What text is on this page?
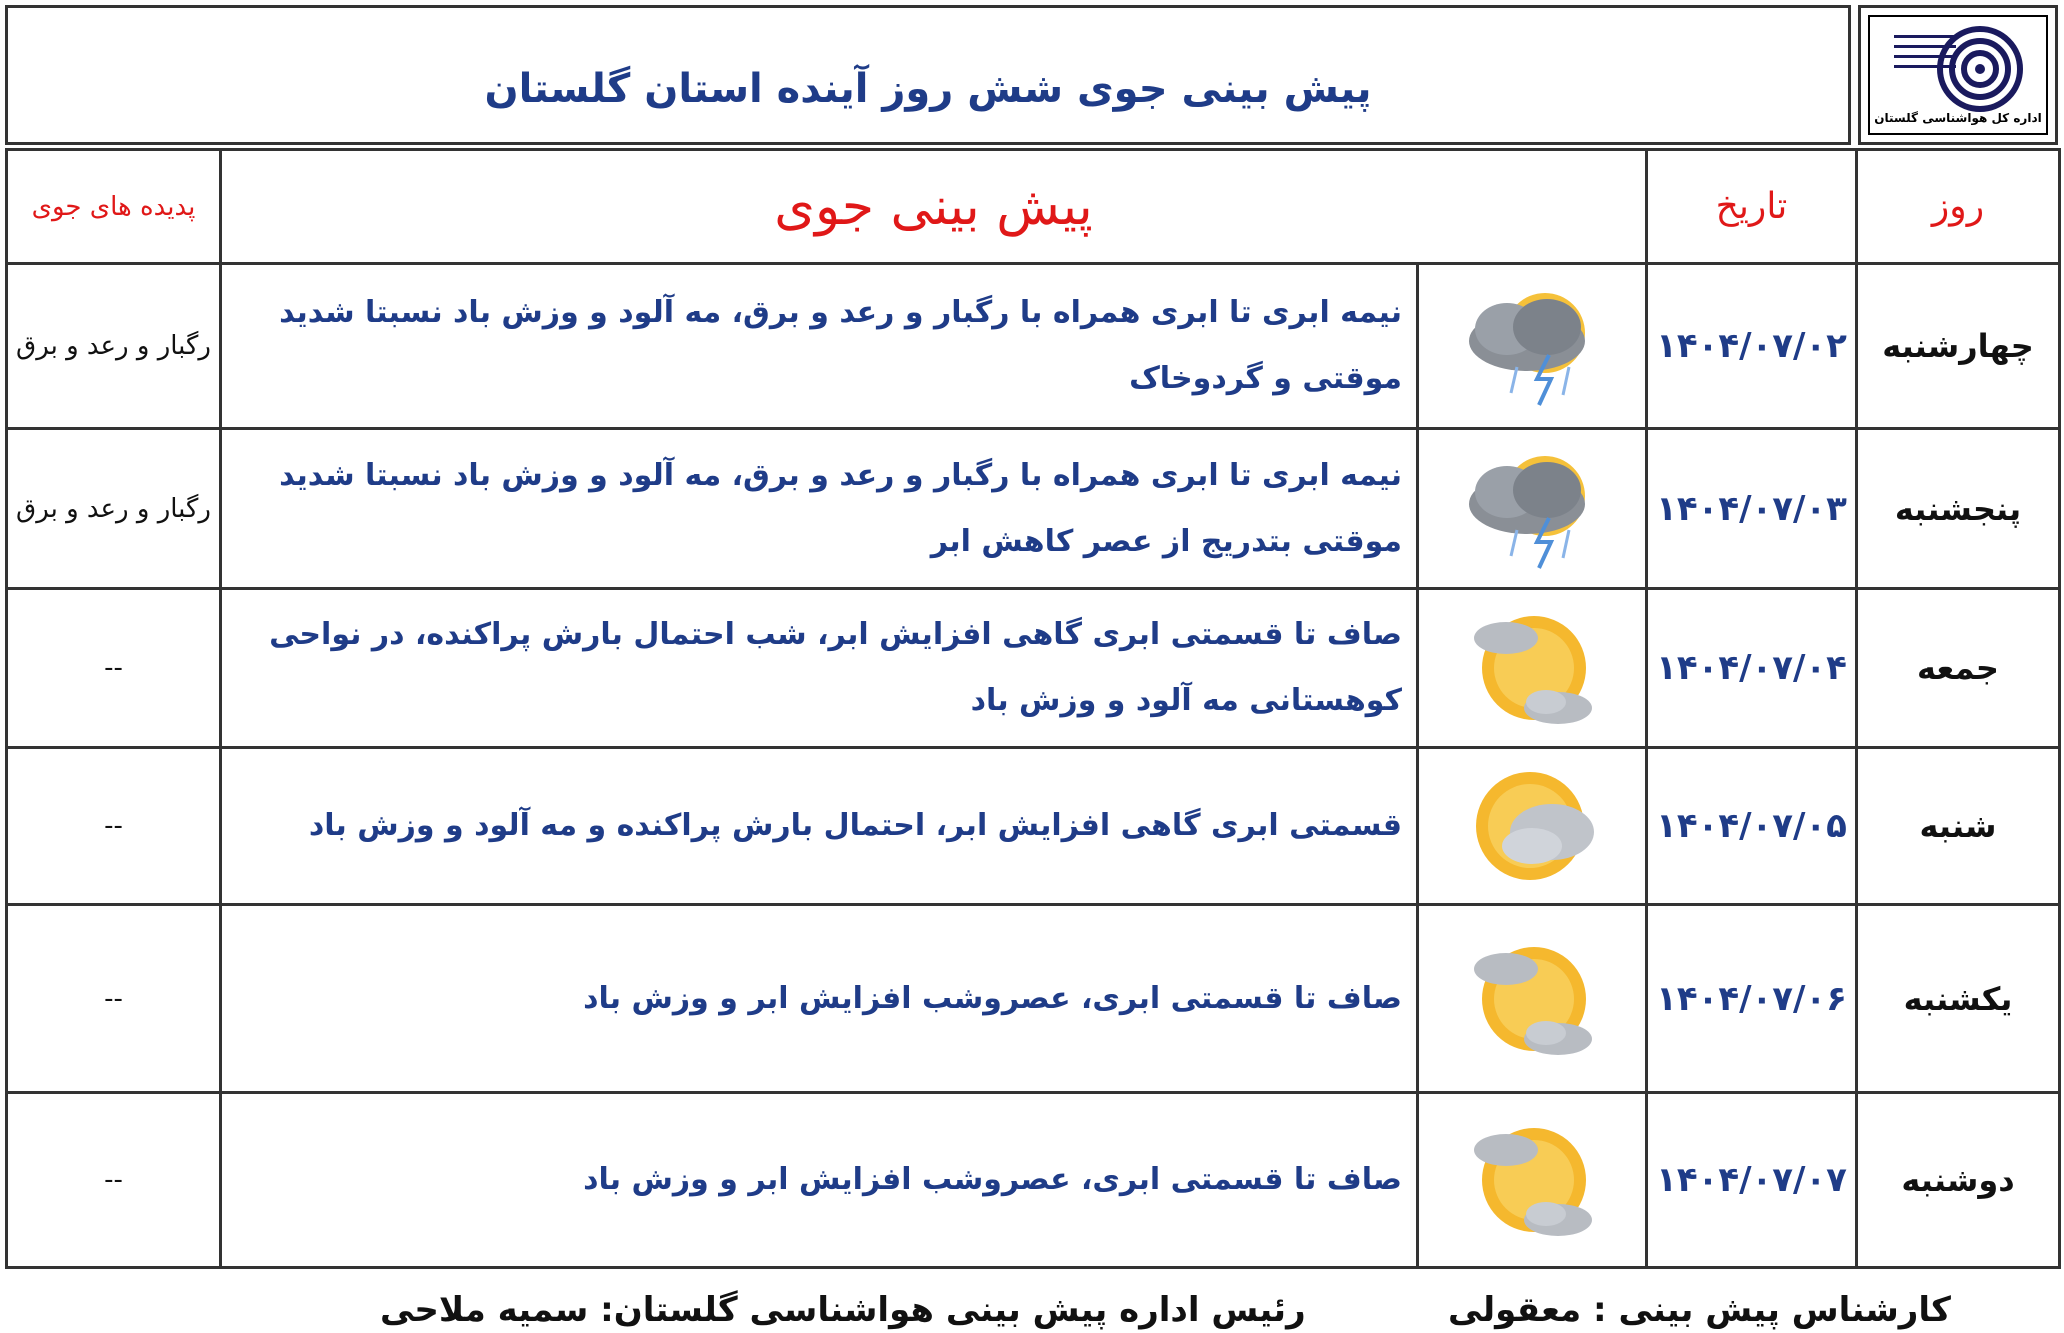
پیش بینی جوی شش روز آینده استان گلستان
اداره کل هواشناسی گلستان
پدیده های جوی	پیش بینی جوی		تاریخ	روز
رگبار و رعد و برق	نیمه ابری تا ابری همراه با رگبار و رعد و برق، مه آلود و وزش باد نسبتا شدید موقتی و گردوخاک		۱۴۰۴/۰۷/۰۲	چهارشنبه
رگبار و رعد و برق	نیمه ابری تا ابری همراه با رگبار و رعد و برق، مه آلود و وزش باد نسبتا شدید موقتی بتدریج از عصر کاهش ابر		۱۴۰۴/۰۷/۰۳	پنجشنبه
--	صاف تا قسمتی ابری گاهی افزایش ابر، شب احتمال بارش پراکنده، در نواحی کوهستانی مه آلود و وزش باد		۱۴۰۴/۰۷/۰۴	جمعه
--	قسمتی ابری گاهی افزایش ابر، احتمال بارش پراکنده و مه آلود و وزش باد		۱۴۰۴/۰۷/۰۵	شنبه
--	صاف تا قسمتی ابری، عصروشب افزایش ابر و وزش باد		۱۴۰۴/۰۷/۰۶	یکشنبه
--	صاف تا قسمتی ابری، عصروشب افزایش ابر و وزش باد		۱۴۰۴/۰۷/۰۷	دوشنبه
رئیس اداره پیش بینی هواشناسی گلستان: سمیه ملاحی	کارشناس پیش بینی : معقولی
